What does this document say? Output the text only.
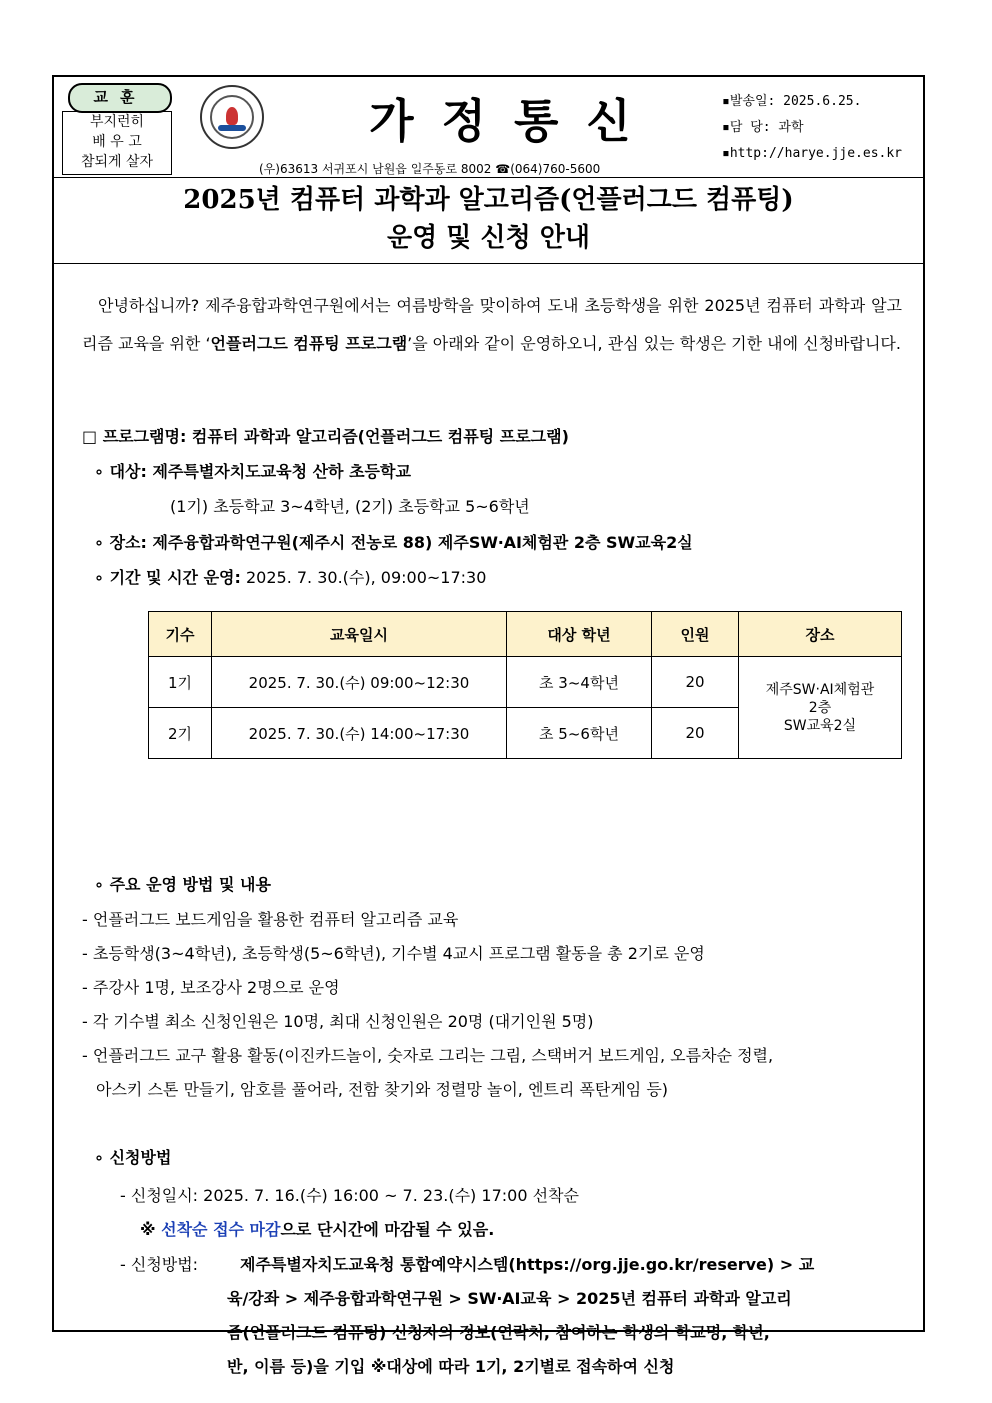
교훈
부지런히
배 우 고
참되게 살자
가정통신
(우)63613 서귀포시 남원읍 일주동로 8002 ☎(064)760-5600
▪발송일: 2025.6.25.
▪담 당: 과학
▪http://harye.jje.es.kr
2025년 컴퓨터 과학과 알고리즘(언플러그드 컴퓨팅)
운영 및 신청 안내
안녕하십니까? 제주융합과학연구원에서는 여름방학을 맞이하여 도내 초등학생을 위한 2025년 컴퓨터 과학과 알고리즘 교육을 위한 ‘언플러그드 컴퓨팅 프로그램’을 아래와 같이 운영하오니, 관심 있는 학생은 기한 내에 신청바랍니다.
□ 프로그램명: 컴퓨터 과학과 알고리즘(언플러그드 컴퓨팅 프로그램)
∘ 대상: 제주특별자치도교육청 산하 초등학교
(1기) 초등학교 3~4학년, (2기) 초등학교 5~6학년
∘ 장소: 제주융합과학연구원(제주시 전농로 88) 제주SW‧AI체험관 2층 SW교육2실
∘ 기간 및 시간 운영: 2025. 7. 30.(수), 09:00~17:30
기수	교육일시	대상 학년	인원	장소
1기	2025. 7. 30.(수) 09:00~12:30	초 3~4학년	20	제주SW‧AI체험관
2층
SW교육2실

2기	2025. 7. 30.(수) 14:00~17:30	초 5~6학년	20	
∘ 주요 운영 방법 및 내용
- 언플러그드 보드게임을 활용한 컴퓨터 알고리즘 교육
- 초등학생(3~4학년), 초등학생(5~6학년), 기수별 4교시 프로그램 활동을 총 2기로 운영
- 주강사 1명, 보조강사 2명으로 운영
- 각 기수별 최소 신청인원은 10명, 최대 신청인원은 20명 (대기인원 5명)
- 언플러그드 교구 활용 활동(이진카드놀이, 숫자로 그리는 그림, 스택버거 보드게임, 오름차순 정렬,
아스키 스톤 만들기, 암호를 풀어라, 전함 찾기와 정렬망 놀이, 엔트리 폭탄게임 등)
∘ 신청방법
- 신청일시: 2025. 7. 16.(수) 16:00 ~ 7. 23.(수) 17:00 선착순
※ 선착순 접수 마감으로 단시간에 마감될 수 있음.
- 신청방법:	제주특별자치도교육청 통합예약시스템(https://org.jje.go.kr/reserve) > 교
육/강좌 > 제주융합과학연구원 > SW‧AI교육 > 2025년 컴퓨터 과학과 알고리
즘(언플러그드 컴퓨팅) 신청자의 정보(연락처, 참여하는 학생의 학교명, 학년,
반, 이름 등)을 기입 ※대상에 따라 1기, 2기별로 접속하여 신청
